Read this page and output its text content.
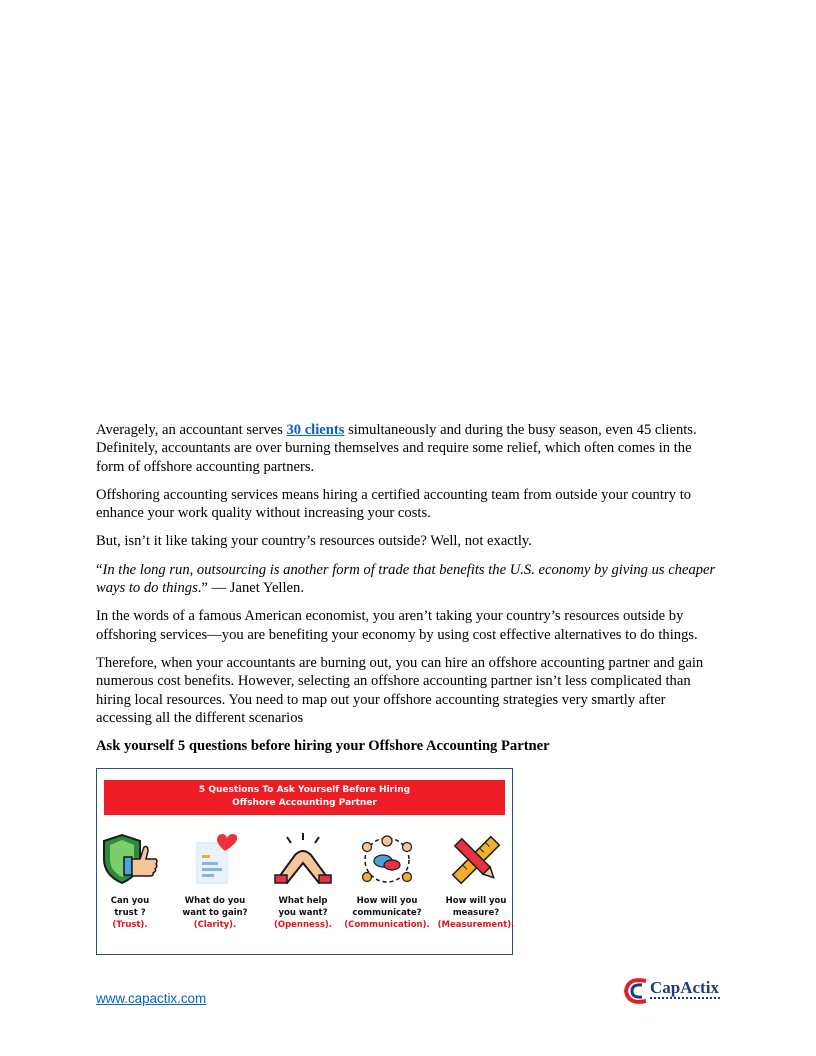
Averagely, an accountant serves 30 clients simultaneously and during the busy season, even 45 clients. Definitely, accountants are over burning themselves and require some relief, which often comes in the form of offshore accounting partners.

Offshoring accounting services means hiring a certified accounting team from outside your country to enhance your work quality without increasing your costs.

But, isn’t it like taking your country’s resources outside? Well, not exactly.

“In the long run, outsourcing is another form of trade that benefits the U.S. economy by giving us cheaper ways to do things.” — Janet Yellen.

In the words of a famous American economist, you aren’t taking your country’s resources outside by offshoring services—you are benefiting your economy by using cost effective alternatives to do things.

Therefore, when your accountants are burning out, you can hire an offshore accounting partner and gain numerous cost benefits. However, selecting an offshore accounting partner isn’t less complicated than hiring local resources. You need to map out your offshore accounting strategies very smartly after accessing all the different scenarios

Ask yourself 5 questions before hiring your Offshore Accounting Partner

5 Questions To Ask Yourself Before Hiring
Offshore Accounting Partner
Can you
trust ?
(Trust).
What do you
want to gain?
(Clarity).
What help
you want?
(Openness).
How will you
communicate?
(Communication).
How will you
measure?
(Measurement).
www.capactix.com
CapActix
